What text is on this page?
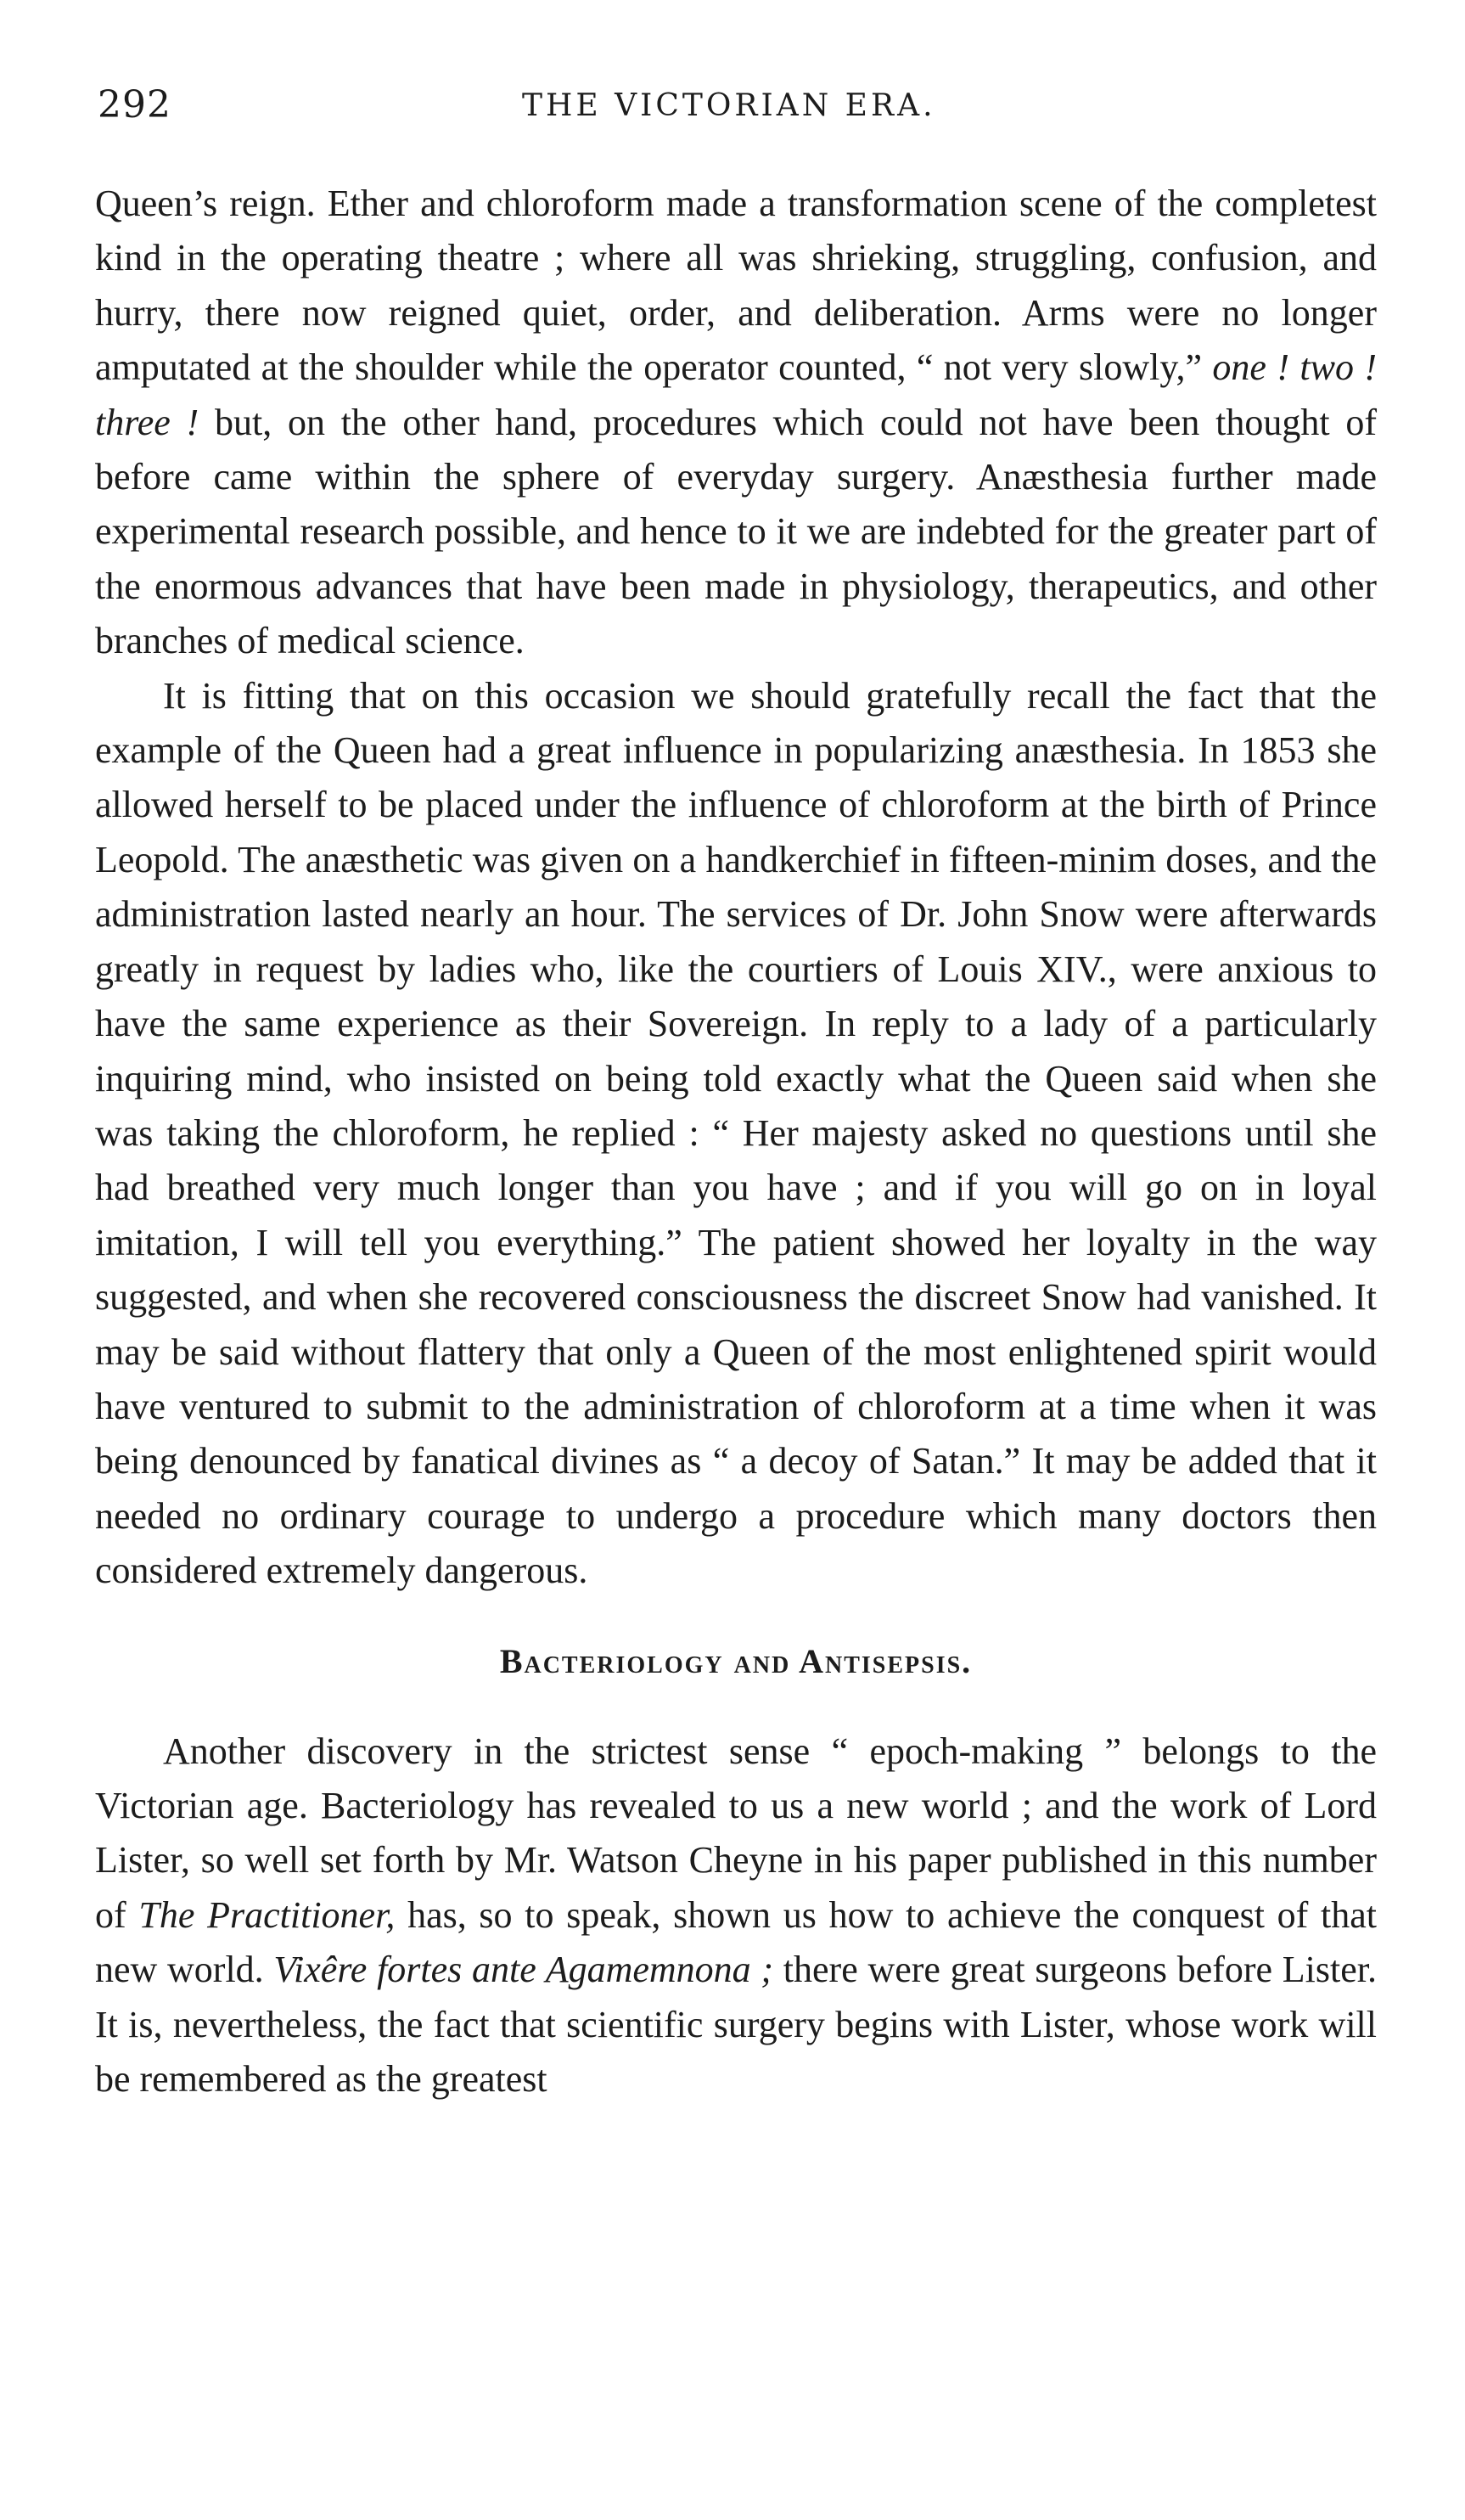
292	THE VICTORIAN ERA.

Queen’s reign. Ether and chloroform made a transformation scene of the completest kind in the operating theatre ; where all was shrieking, struggling, confusion, and hurry, there now reigned quiet, order, and deliberation. Arms were no longer amputated at the shoulder while the operator counted, “ not very slowly,” one ! two ! three ! but, on the other hand, procedures which could not have been thought of before came within the sphere of everyday surgery. Anæsthesia further made experimental research possible, and hence to it we are indebted for the greater part of the enormous advances that have been made in physiology, therapeutics, and other branches of medical science.

It is fitting that on this occasion we should gratefully recall the fact that the example of the Queen had a great influence in popularizing anæsthesia. In 1853 she allowed herself to be placed under the influence of chloroform at the birth of Prince Leopold. The anæsthetic was given on a handkerchief in fifteen-minim doses, and the administration lasted nearly an hour. The services of Dr. John Snow were afterwards greatly in request by ladies who, like the courtiers of Louis XIV., were anxious to have the same experience as their Sovereign. In reply to a lady of a particularly inquiring mind, who insisted on being told exactly what the Queen said when she was taking the chloroform, he replied : “ Her majesty asked no questions until she had breathed very much longer than you have ; and if you will go on in loyal imitation, I will tell you everything.” The patient showed her loyalty in the way suggested, and when she recovered consciousness the discreet Snow had vanished. It may be said without flattery that only a Queen of the most enlightened spirit would have ventured to submit to the administration of chloroform at a time when it was being denounced by fanatical divines as “ a decoy of Satan.” It may be added that it needed no ordinary courage to undergo a procedure which many doctors then considered extremely dangerous.

Bacteriology and Antisepsis.

Another discovery in the strictest sense “ epoch-making ” belongs to the Victorian age. Bacteriology has revealed to us a new world ; and the work of Lord Lister, so well set forth by Mr. Watson Cheyne in his paper published in this number of The Practitioner, has, so to speak, shown us how to achieve the conquest of that new world. Vixêre fortes ante Agamemnona ; there were great surgeons before Lister. It is, nevertheless, the fact that scientific surgery begins with Lister, whose work will be remembered as the greatest
